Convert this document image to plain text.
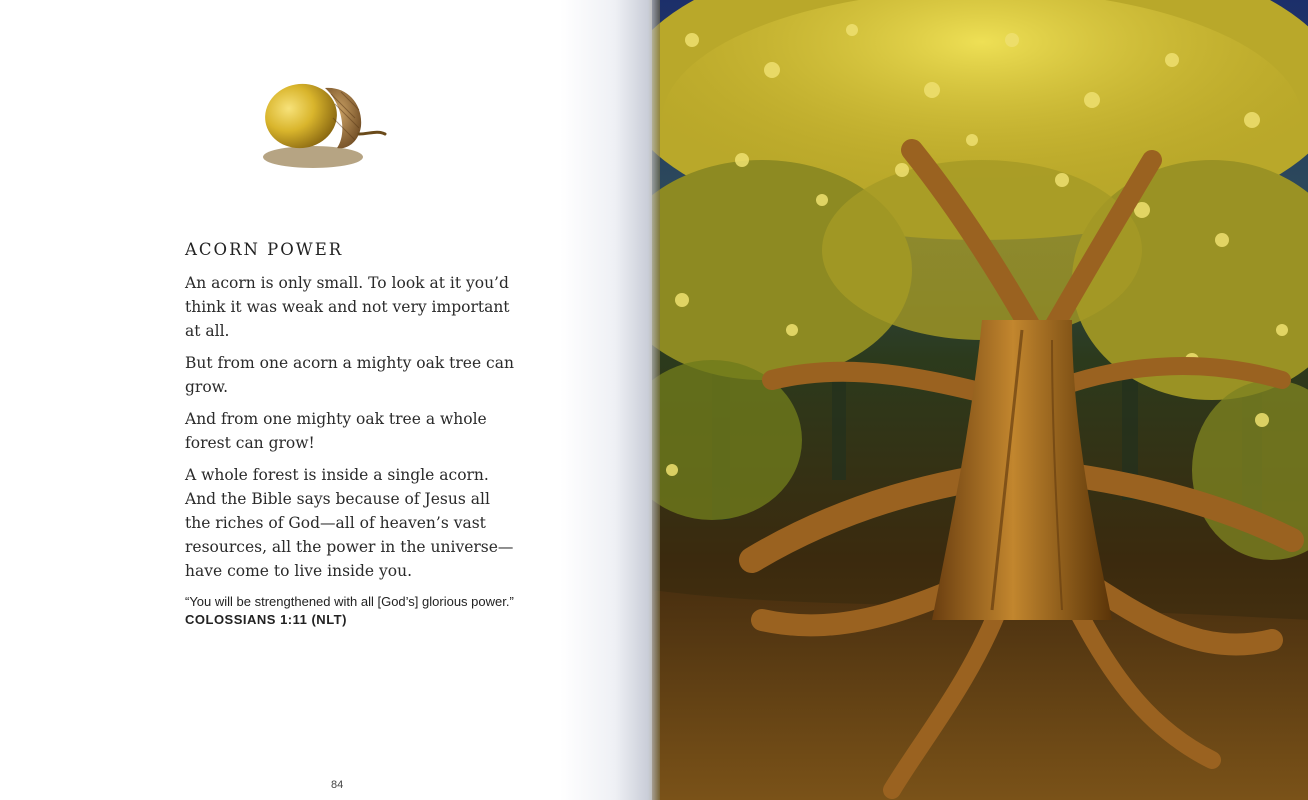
ACORN POWER

An acorn is only small. To look at it you’d think it was weak and not very important at all.

But from one acorn a mighty oak tree can grow.

And from one mighty oak tree a whole forest can grow!

A whole forest is inside a single acorn. And the Bible says because of Jesus all the riches of God—all of heaven’s vast resources, all the power in the universe—have come to live inside you.

“You will be strengthened with all [God’s] glorious power.” COLOSSIANS 1:11 (NLT)
84
